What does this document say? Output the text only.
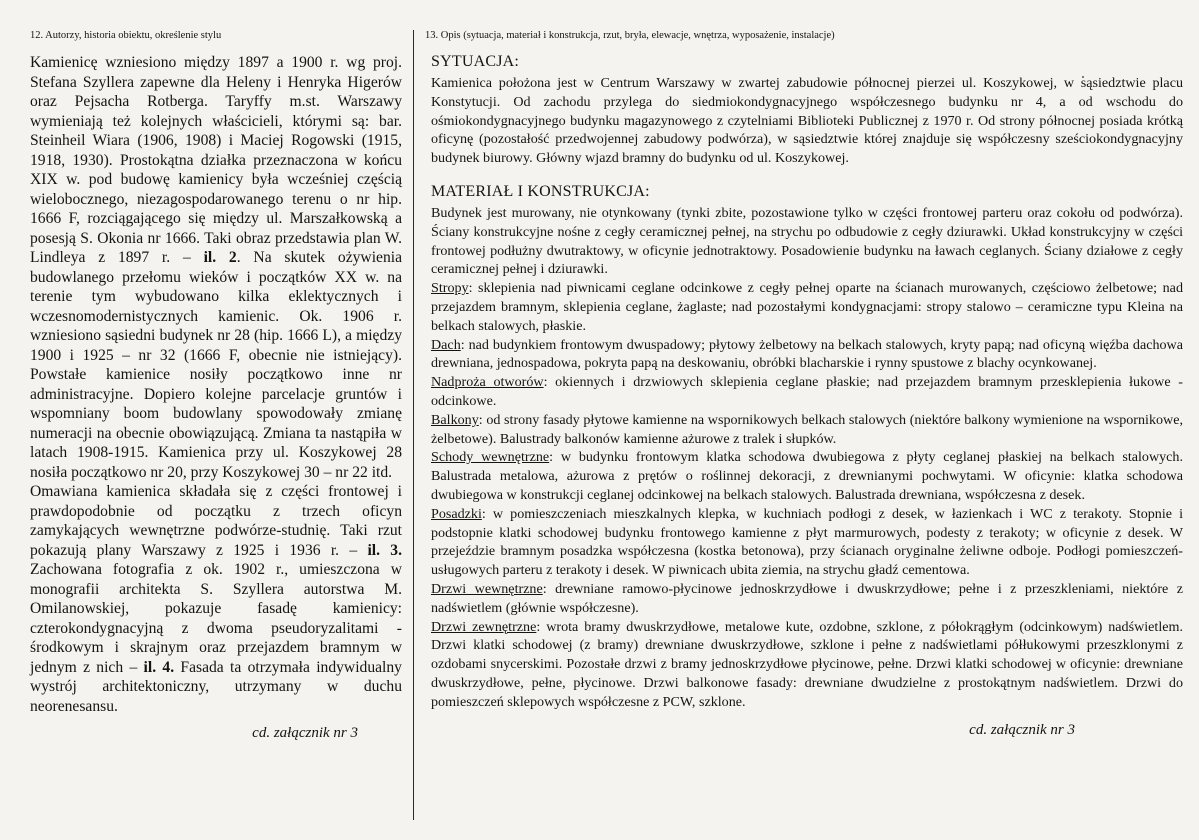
12. Autorzy, historia obiektu, określenie stylu

Kamienicę wzniesiono między 1897 a 1900 r. wg proj. Stefana Szyllera zapewne dla Heleny i Henryka Higerów oraz Pejsacha Rotberga. Taryffy m.st. Warszawy wymieniają też kolejnych właścicieli, którymi są: bar. Steinheil Wiara (1906, 1908) i Maciej Rogowski (1915, 1918, 1930). Prostokątna działka przeznaczona w końcu XIX w. pod budowę kamienicy była wcześniej częścią wielobocznego, niezagospodarowanego terenu o nr hip. 1666 F, rozciągającego się między ul. Marszałkowską a posesją S. Okonia nr 1666. Taki obraz przedstawia plan W. Lindleya z 1897 r. – il. 2. Na skutek ożywienia budowlanego przełomu wieków i początków XX w. na terenie tym wybudowano kilka eklektycznych i wczesnomodernistycznych kamienic. Ok. 1906 r. wzniesiono sąsiedni budynek nr 28 (hip. 1666 L), a między 1900 i 1925 – nr 32 (1666 F, obecnie nie istniejący). Powstałe kamienice nosiły początkowo inne nr administracyjne. Dopiero kolejne parcelacje gruntów i wspomniany boom budowlany spowodowały zmianę numeracji na obecnie obowiązującą. Zmiana ta nastąpiła w latach 1908-1915. Kamienica przy ul. Koszykowej 28 nosiła początkowo nr 20, przy Koszykowej 30 – nr 22 itd.

Omawiana kamienica składała się z części frontowej i prawdopodobnie od początku z trzech oficyn zamykających wewnętrzne podwórze-studnię. Taki rzut pokazują plany Warszawy z 1925 i 1936 r. – il. 3. Zachowana fotografia z ok. 1902 r., umieszczona w monografii architekta S. Szyllera autorstwa M. Omilanowskiej, pokazuje fasadę kamienicy: czterokondygnacyjną z dwoma pseudoryzalitami - środkowym i skrajnym oraz przejazdem bramnym w jednym z nich – il. 4. Fasada ta otrzymała indywidualny wystrój architektoniczny, utrzymany w duchu neorenesansu.

cd. załącznik nr 3
13. Opis (sytuacja, materiał i konstrukcja, rzut, bryła, elewacje, wnętrza, wyposażenie, instalacje)
SYTUACJA:
Kamienica położona jest w Centrum Warszawy w zwartej zabudowie północnej pierzei ul. Koszykowej, w sąsiedztwie placu Konstytucji. Od zachodu przylega do siedmiokondygnacyjnego współczesnego budynku nr 4, a od wschodu do ośmiokondygnacyjnego budynku magazynowego z czytelniami Biblioteki Publicznej z 1970 r. Od strony północnej posiada krótką oficynę (pozostałość przedwojennej zabudowy podwórza), w sąsiedztwie której znajduje się współczesny sześciokondygnacyjny budynek biurowy. Główny wjazd bramny do budynku od ul. Koszykowej.
MATERIAŁ I KONSTRUKCJA:

Budynek jest murowany, nie otynkowany (tynki zbite, pozostawione tylko w części frontowej parteru oraz cokołu od podwórza). Ściany konstrukcyjne nośne z cegły ceramicznej pełnej, na strychu po odbudowie z cegły dziurawki. Układ konstrukcyjny w części frontowej podłużny dwutraktowy, w oficynie jednotraktowy. Posadowienie budynku na ławach ceglanych. Ściany działowe z cegły ceramicznej pełnej i dziurawki.

Stropy: sklepienia nad piwnicami ceglane odcinkowe z cegły pełnej oparte na ścianach murowanych, częściowo żelbetowe; nad przejazdem bramnym, sklepienia ceglane, żaglaste; nad pozostałymi kondygnacjami: stropy stalowo – ceramiczne typu Kleina na belkach stalowych, płaskie.

Dach: nad budynkiem frontowym dwuspadowy; płytowy żelbetowy na belkach stalowych, kryty papą; nad oficyną więźba dachowa drewniana, jednospadowa, pokryta papą na deskowaniu, obróbki blacharskie i rynny spustowe z blachy ocynkowanej.

Nadproża otworów: okiennych i drzwiowych sklepienia ceglane płaskie; nad przejazdem bramnym przesklepienia łukowe - odcinkowe.

Balkony: od strony fasady płytowe kamienne na wspornikowych belkach stalowych (niektóre balkony wymienione na wspornikowe, żelbetowe). Balustrady balkonów kamienne ażurowe z tralek i słupków.

Schody wewnętrzne: w budynku frontowym klatka schodowa dwubiegowa z płyty ceglanej płaskiej na belkach stalowych. Balustrada metalowa, ażurowa z prętów o roślinnej dekoracji, z drewnianymi pochwytami. W oficynie: klatka schodowa dwubiegowa w konstrukcji ceglanej odcinkowej na belkach stalowych. Balustrada drewniana, współczesna z desek.

Posadzki: w pomieszczeniach mieszkalnych klepka, w kuchniach podłogi z desek, w łazienkach i WC z terakoty. Stopnie i podstopnie klatki schodowej budynku frontowego kamienne z płyt marmurowych, podesty z terakoty; w oficynie z desek. W przejeździe bramnym posadzka współczesna (kostka betonowa), przy ścianach oryginalne żeliwne odboje. Podłogi pomieszczeń-usługowych parteru z terakoty i desek. W piwnicach ubita ziemia, na strychu gładź cementowa.

Drzwi wewnętrzne: drewniane ramowo-płycinowe jednoskrzydłowe i dwuskrzydłowe; pełne i z przeszkleniami, niektóre z nadświetlem (głównie współczesne).

Drzwi zewnętrzne: wrota bramy dwuskrzydłowe, metalowe kute, ozdobne, szklone, z półokrągłym (odcinkowym) nadświetlem. Drzwi klatki schodowej (z bramy) drewniane dwuskrzydłowe, szklone i pełne z nadświetlami półłukowymi przeszklonymi z ozdobami snycerskimi. Pozostałe drzwi z bramy jednoskrzydłowe płycinowe, pełne. Drzwi klatki schodowej w oficynie: drewniane dwuskrzydłowe, pełne, płycinowe. Drzwi balkonowe fasady: drewniane dwudzielne z prostokątnym nadświetlem. Drzwi do pomieszczeń sklepowych współczesne z PCW, szklone.

cd. załącznik nr 3
